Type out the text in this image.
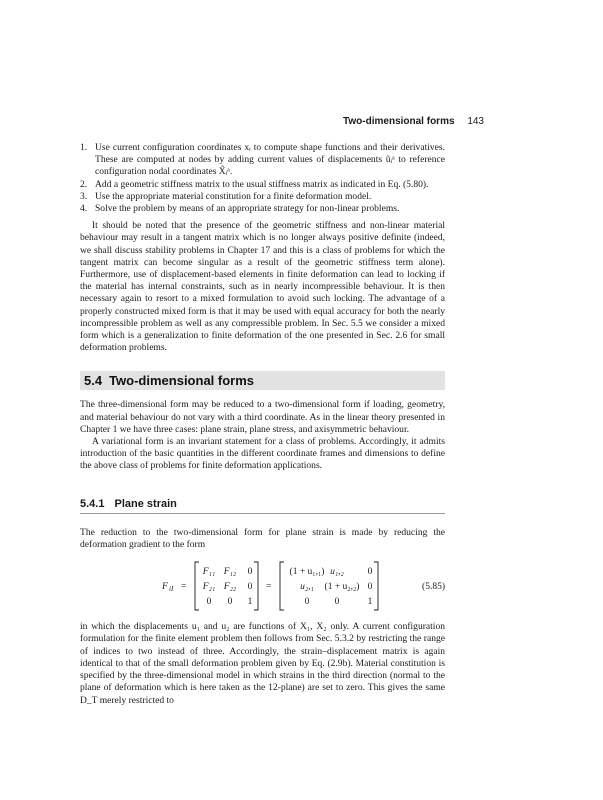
Two-dimensional forms 143
1. Use current configuration coordinates xᵢ to compute shape functions and their derivatives. These are computed at nodes by adding current values of displacements ũᵢᵃ to reference configuration nodal coordinates X̃ᵢᵃ.
2. Add a geometric stiffness matrix to the usual stiffness matrix as indicated in Eq. (5.80).
3. Use the appropriate material constitution for a finite deformation model.
4. Solve the problem by means of an appropriate strategy for non-linear problems.

It should be noted that the presence of the geometric stiffness and non-linear material behaviour may result in a tangent matrix which is no longer always positive definite (indeed, we shall discuss stability problems in Chapter 17 and this is a class of problems for which the tangent matrix can become singular as a result of the geometric stiffness term alone). Furthermore, use of displacement-based elements in finite deformation can lead to locking if the material has internal constraints, such as in nearly incompressible behaviour. It is then necessary again to resort to a mixed formulation to avoid such locking. The advantage of a properly constructed mixed form is that it may be used with equal accuracy for both the nearly incompressible problem as well as any compressible problem. In Sec. 5.5 we consider a mixed form which is a generalization to finite deformation of the one presented in Sec. 2.6 for small deformation problems.

5.4 Two-dimensional forms

The three-dimensional form may be reduced to a two-dimensional form if loading, geometry, and material behaviour do not vary with a third coordinate. As in the linear theory presented in Chapter 1 we have three cases: plane strain, plane stress, and axisymmetric behaviour.

A variational form is an invariant statement for a class of problems. Accordingly, it admits introduction of the basic quantities in the different coordinate frames and dimensions to define the above class of problems for finite deformation applications.

5.4.1 Plane strain

The reduction to the two-dimensional form for plane strain is made by reducing the deformation gradient to the form

F iI =
F₁₁ F₁₂ 0
F₂₁ F₂₂ 0
0 0 1
=
(1 + u₁,₁) u₁,₂	0
u₂,₁ (1 + u₂,₂) 0
0	0	1
(5.85)

in which the displacements u₁ and u₂ are functions of X₁, X₂ only. A current configuration formulation for the finite element problem then follows from Sec. 5.3.2 by restricting the range of indices to two instead of three. Accordingly, the strain–displacement matrix is again identical to that of the small deformation problem given by Eq. (2.9b). Material constitution is specified by the three-dimensional model in which strains in the third direction (normal to the plane of deformation which is here taken as the 12-plane) are set to zero. This gives the same D_T merely restricted to
